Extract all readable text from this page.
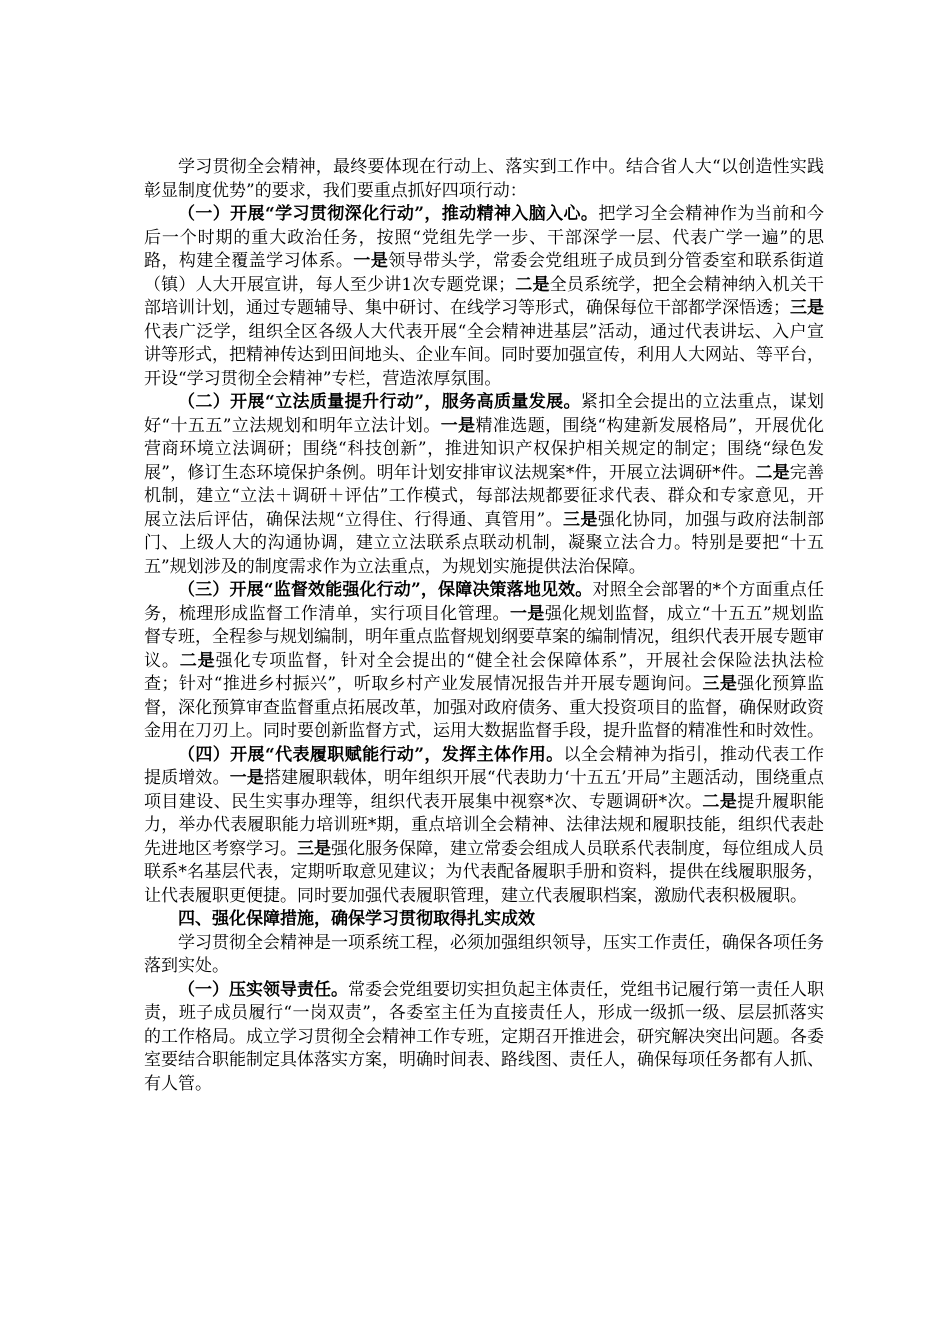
学习贯彻全会精神，最终要体现在行动上、落实到工作中。结合省人大“以创造性实践彰显制度优势”的要求，我们要重点抓好四项行动：

（一）开展“学习贯彻深化行动”，推动精神入脑入心。把学习全会精神作为当前和今后一个时期的重大政治任务，按照“党组先学一步、干部深学一层、代表广学一遍”的思路，构建全覆盖学习体系。一是领导带头学，常委会党组班子成员到分管委室和联系街道（镇）人大开展宣讲，每人至少讲1次专题党课；二是全员系统学，把全会精神纳入机关干部培训计划，通过专题辅导、集中研讨、在线学习等形式，确保每位干部都学深悟透；三是代表广泛学，组织全区各级人大代表开展“全会精神进基层”活动，通过代表讲坛、入户宣讲等形式，把精神传达到田间地头、企业车间。同时要加强宣传，利用人大网站、等平台，开设“学习贯彻全会精神”专栏，营造浓厚氛围。

（二）开展“立法质量提升行动”，服务高质量发展。紧扣全会提出的立法重点，谋划好“十五五”立法规划和明年立法计划。一是精准选题，围绕“构建新发展格局”，开展优化营商环境立法调研；围绕“科技创新”，推进知识产权保护相关规定的制定；围绕“绿色发展”，修订生态环境保护条例。明年计划安排审议法规案*件，开展立法调研*件。二是完善机制，建立“立法＋调研＋评估”工作模式，每部法规都要征求代表、群众和专家意见，开展立法后评估，确保法规“立得住、行得通、真管用”。三是强化协同，加强与政府法制部门、上级人大的沟通协调，建立立法联系点联动机制，凝聚立法合力。特别是要把“十五五”规划涉及的制度需求作为立法重点，为规划实施提供法治保障。

（三）开展“监督效能强化行动”，保障决策落地见效。对照全会部署的*个方面重点任务，梳理形成监督工作清单，实行项目化管理。一是强化规划监督，成立“十五五”规划监督专班，全程参与规划编制，明年重点监督规划纲要草案的编制情况，组织代表开展专题审议。二是强化专项监督，针对全会提出的“健全社会保障体系”，开展社会保险法执法检查；针对“推进乡村振兴”，听取乡村产业发展情况报告并开展专题询问。三是强化预算监督，深化预算审查监督重点拓展改革，加强对政府债务、重大投资项目的监督，确保财政资金用在刀刃上。同时要创新监督方式，运用大数据监督手段，提升监督的精准性和时效性。

（四）开展“代表履职赋能行动”，发挥主体作用。以全会精神为指引，推动代表工作提质增效。一是搭建履职载体，明年组织开展“代表助力‘十五五’开局”主题活动，围绕重点项目建设、民生实事办理等，组织代表开展集中视察*次、专题调研*次。二是提升履职能力，举办代表履职能力培训班*期，重点培训全会精神、法律法规和履职技能，组织代表赴先进地区考察学习。三是强化服务保障，建立常委会组成人员联系代表制度，每位组成人员联系*名基层代表，定期听取意见建议；为代表配备履职手册和资料，提供在线履职服务，让代表履职更便捷。同时要加强代表履职管理，建立代表履职档案，激励代表积极履职。

四、强化保障措施，确保学习贯彻取得扎实成效

学习贯彻全会精神是一项系统工程，必须加强组织领导，压实工作责任，确保各项任务落到实处。

（一）压实领导责任。常委会党组要切实担负起主体责任，党组书记履行第一责任人职责，班子成员履行“一岗双责”，各委室主任为直接责任人，形成一级抓一级、层层抓落实的工作格局。成立学习贯彻全会精神工作专班，定期召开推进会，研究解决突出问题。各委室要结合职能制定具体落实方案，明确时间表、路线图、责任人，确保每项任务都有人抓、有人管。
